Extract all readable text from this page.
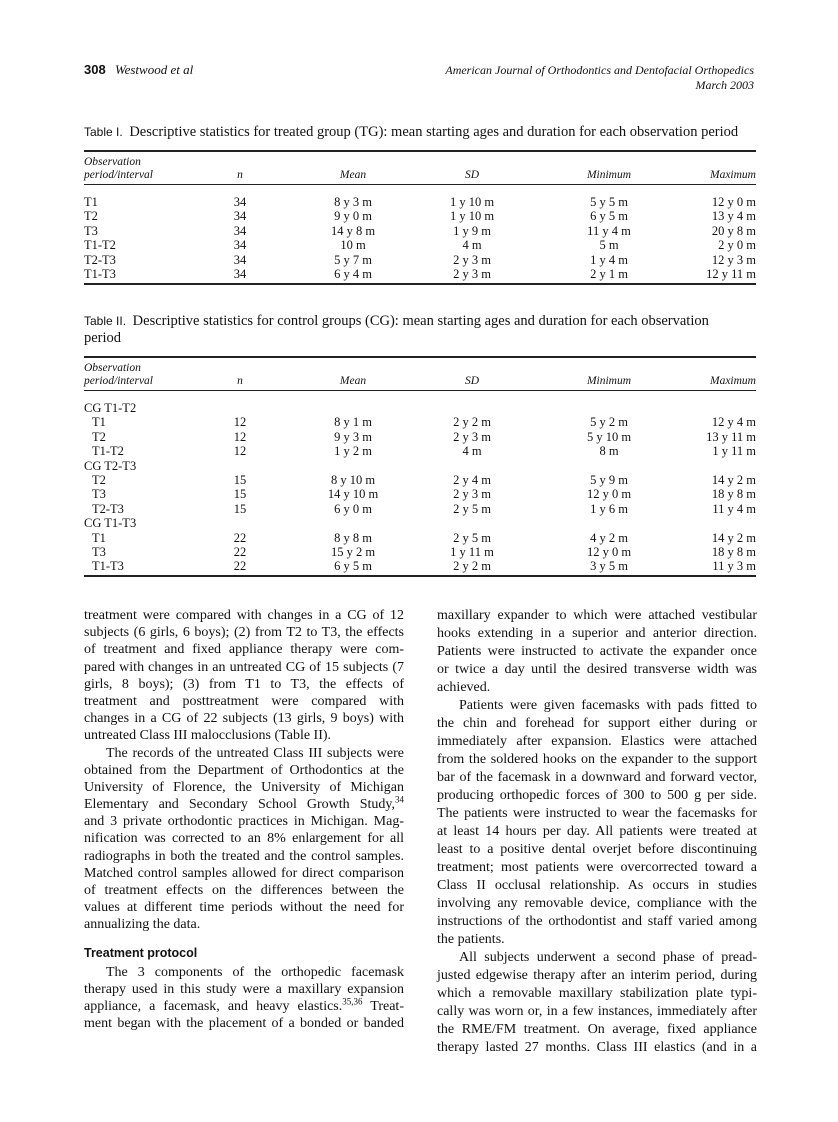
308 Westwood et al	American Journal of Orthodontics and Dentofacial Orthopedics
March 2003
Table I. Descriptive statistics for treated group (TG): mean starting ages and duration for each observation period
Observation
period/interval	n	Mean	SD	Minimum	Maximum
T1	34	8 y 3 m	1 y 10 m	5 y 5 m	12 y 0 m
T2	34	9 y 0 m	1 y 10 m	6 y 5 m	13 y 4 m
T3	34	14 y 8 m	1 y 9 m	11 y 4 m	20 y 8 m
T1-T2	34	10 m	4 m	5 m	2 y 0 m
T2-T3	34	5 y 7 m	2 y 3 m	1 y 4 m	12 y 3 m
T1-T3	34	6 y 4 m	2 y 3 m	2 y 1 m	12 y 11 m
Table II. Descriptive statistics for control groups (CG): mean starting ages and duration for each observation period
Observation
period/interval	n	Mean	SD	Minimum	Maximum
CG T1-T2
T1	12	8 y 1 m	2 y 2 m	5 y 2 m	12 y 4 m
T2	12	9 y 3 m	2 y 3 m	5 y 10 m	13 y 11 m
T1-T2	12	1 y 2 m	4 m	8 m	1 y 11 m
CG T2-T3
T2	15	8 y 10 m	2 y 4 m	5 y 9 m	14 y 2 m
T3	15	14 y 10 m	2 y 3 m	12 y 0 m	18 y 8 m
T2-T3	15	6 y 0 m	2 y 5 m	1 y 6 m	11 y 4 m
CG T1-T3
T1	22	8 y 8 m	2 y 5 m	4 y 2 m	14 y 2 m
T3	22	15 y 2 m	1 y 11 m	12 y 0 m	18 y 8 m
T1-T3	22	6 y 5 m	2 y 2 m	3 y 5 m	11 y 3 m
treatment were compared with changes in a CG of 12
subjects (6 girls, 6 boys); (2) from T2 to T3, the effects
of treatment and fixed appliance therapy were com-
pared with changes in an untreated CG of 15 subjects (7
girls, 8 boys); (3) from T1 to T3, the effects of
treatment and posttreatment were compared with
changes in a CG of 22 subjects (13 girls, 9 boys) with
untreated Class III malocclusions (Table II).
The records of the untreated Class III subjects were
obtained from the Department of Orthodontics at the
University of Florence, the University of Michigan
Elementary and Secondary School Growth Study,$^{34}$
and 3 private orthodontic practices in Michigan. Mag-
nification was corrected to an 8% enlargement for all
radiographs in both the treated and the control samples.
Matched control samples allowed for direct comparison
of treatment effects on the differences between the
values at different time periods without the need for
annualizing the data.
Treatment protocol
The 3 components of the orthopedic facemask
therapy used in this study were a maxillary expansion
appliance, a facemask, and heavy elastics.$^{35,36}$ Treat-
ment began with the placement of a bonded or banded
maxillary expander to which were attached vestibular
hooks extending in a superior and anterior direction.
Patients were instructed to activate the expander once
or twice a day until the desired transverse width was
achieved.
Patients were given facemasks with pads fitted to
the chin and forehead for support either during or
immediately after expansion. Elastics were attached
from the soldered hooks on the expander to the support
bar of the facemask in a downward and forward vector,
producing orthopedic forces of 300 to 500 g per side.
The patients were instructed to wear the facemasks for
at least 14 hours per day. All patients were treated at
least to a positive dental overjet before discontinuing
treatment; most patients were overcorrected toward a
Class II occlusal relationship. As occurs in studies
involving any removable device, compliance with the
instructions of the orthodontist and staff varied among
the patients.
All subjects underwent a second phase of pread-
justed edgewise therapy after an interim period, during
which a removable maxillary stabilization plate typi-
cally was worn or, in a few instances, immediately after
the RME/FM treatment. On average, fixed appliance
therapy lasted 27 months. Class III elastics (and in a
